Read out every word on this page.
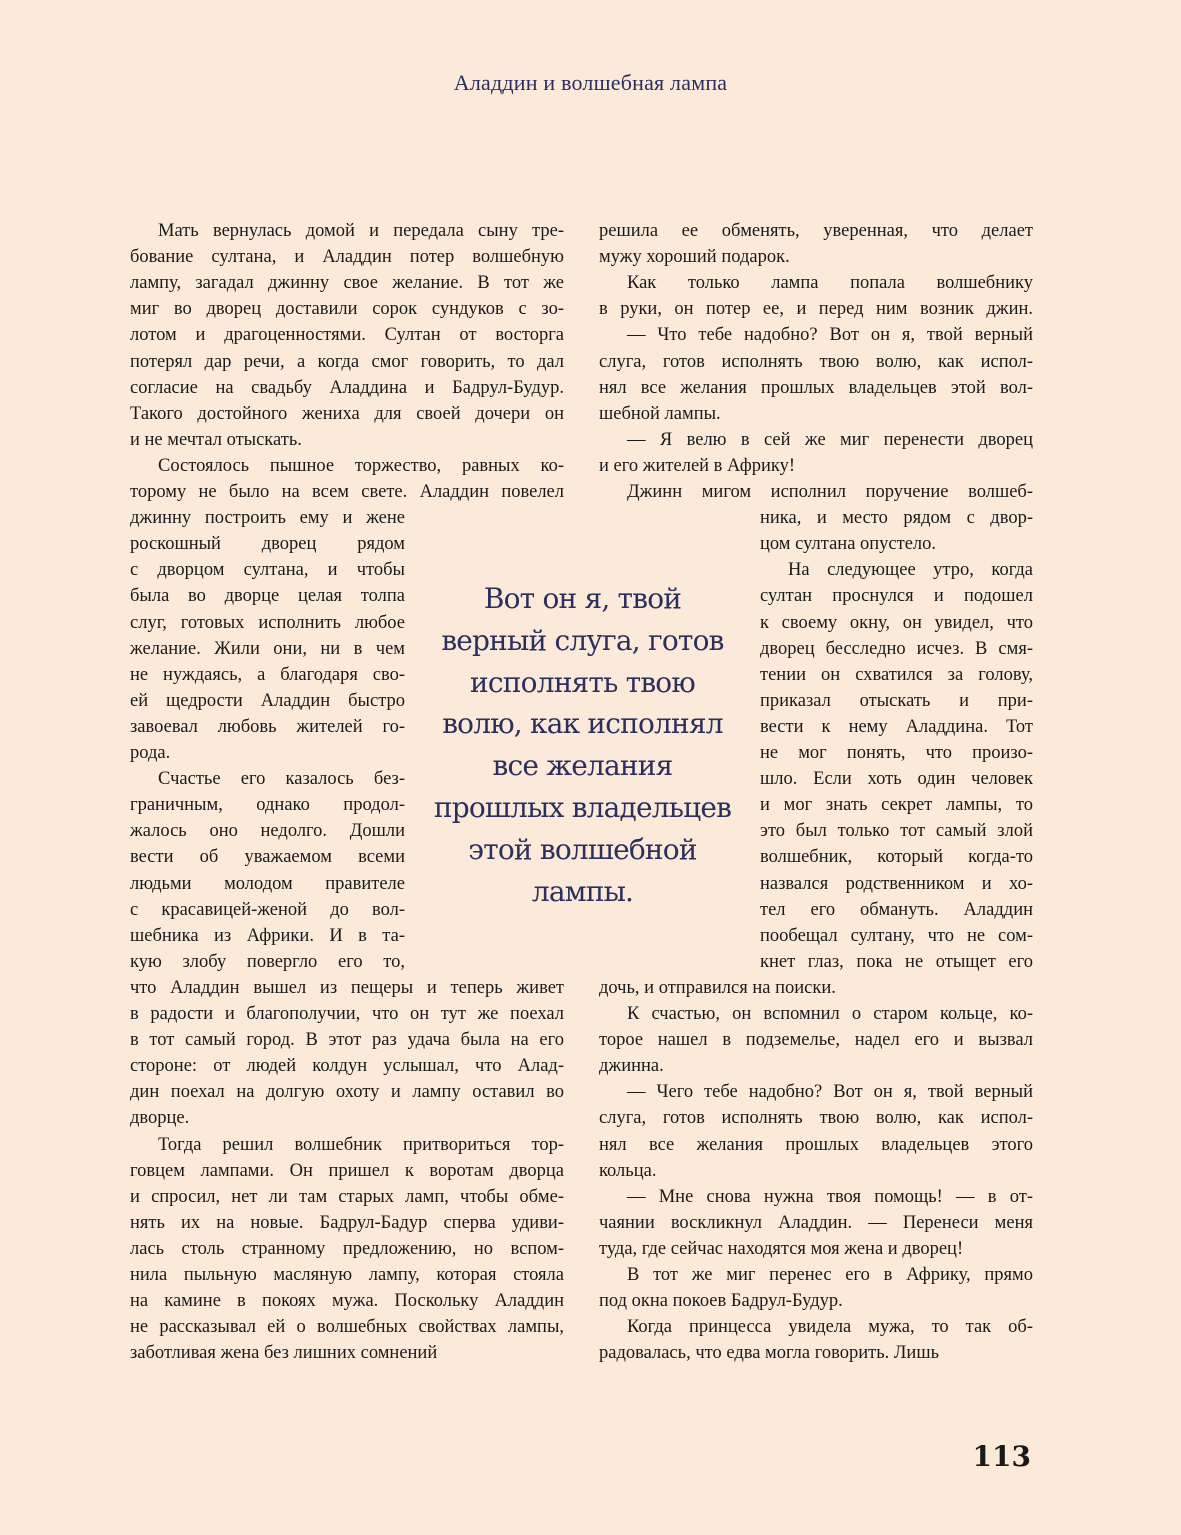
Аладдин и волшебная лампа
Мать вернулась домой и передала сыну тре-
бование султана, и Аладдин потер волшебную
лампу, загадал джинну свое желание. В тот же
миг во дворец доставили сорок сундуков с зо-
лотом и драгоценностями. Султан от восторга
потерял дар речи, а когда смог говорить, то дал
согласие на свадьбу Аладдина и Бадрул-Будур.
Такого достойного жениха для своей дочери он
и не мечтал отыскать.
Состоялось пышное торжество, равных ко-
торому не было на всем свете. Аладдин повелел
джинну построить ему и жене
роскошный дворец рядом
с дворцом султана, и чтобы
была во дворце целая толпа
слуг, готовых исполнить любое
желание. Жили они, ни в чем
не нуждаясь, а благодаря сво-
ей щедрости Аладдин быстро
завоевал любовь жителей го-
рода.
Счастье его казалось без-
граничным, однако продол-
жалось оно недолго. Дошли
вести об уважаемом всеми
людьми молодом правителе
с красавицей-женой до вол-
шебника из Африки. И в та-
кую злобу повергло его то,
что Аладдин вышел из пещеры и теперь живет
в радости и благополучии, что он тут же поехал
в тот самый город. В этот раз удача была на его
стороне: от людей колдун услышал, что Алад-
дин поехал на долгую охоту и лампу оставил во
дворце.
Тогда решил волшебник притвориться тор-
говцем лампами. Он пришел к воротам дворца
и спросил, нет ли там старых ламп, чтобы обме-
нять их на новые. Бадрул-Бадур сперва удиви-
лась столь странному предложению, но вспом-
нила пыльную масляную лампу, которая стояла
на камине в покоях мужа. Поскольку Аладдин
не рассказывал ей о волшебных свойствах лампы,
заботливая жена без лишних сомнений
решила ее обменять, уверенная, что делает
мужу хороший подарок.
Как только лампа попала волшебнику
в руки, он потер ее, и перед ним возник джин.
— Что тебе надобно? Вот он я, твой верный
слуга, готов исполнять твою волю, как испол-
нял все желания прошлых владельцев этой вол-
шебной лампы.
— Я велю в сей же миг перенести дворец
и его жителей в Африку!
Джинн мигом исполнил поручение волшеб-
ника, и место рядом с двор-
цом султана опустело.
На следующее утро, когда
султан проснулся и подошел
к своему окну, он увидел, что
дворец бесследно исчез. В смя-
тении он схватился за голову,
приказал отыскать и при-
вести к нему Аладдина. Тот
не мог понять, что произо-
шло. Если хоть один человек
и мог знать секрет лампы, то
это был только тот самый злой
волшебник, который когда-то
назвался родственником и хо-
тел его обмануть. Аладдин
пообещал султану, что не сом-
кнет глаз, пока не отыщет его
дочь, и отправился на поиски.
К счастью, он вспомнил о старом кольце, ко-
торое нашел в подземелье, надел его и вызвал
джинна.
— Чего тебе надобно? Вот он я, твой верный
слуга, готов исполнять твою волю, как испол-
нял все желания прошлых владельцев этого
кольца.
— Мне снова нужна твоя помощь! — в от-
чаянии воскликнул Аладдин. — Перенеси меня
туда, где сейчас находятся моя жена и дворец!
В тот же миг перенес его в Африку, прямо
под окна покоев Бадрул-Будур.
Когда принцесса увидела мужа, то так об-
радовалась, что едва могла говорить. Лишь
Вот он я, твой
верный слуга, готов
исполнять твою
волю, как исполнял
все желания
прошлых владельцев
этой волшебной
лампы.
113
